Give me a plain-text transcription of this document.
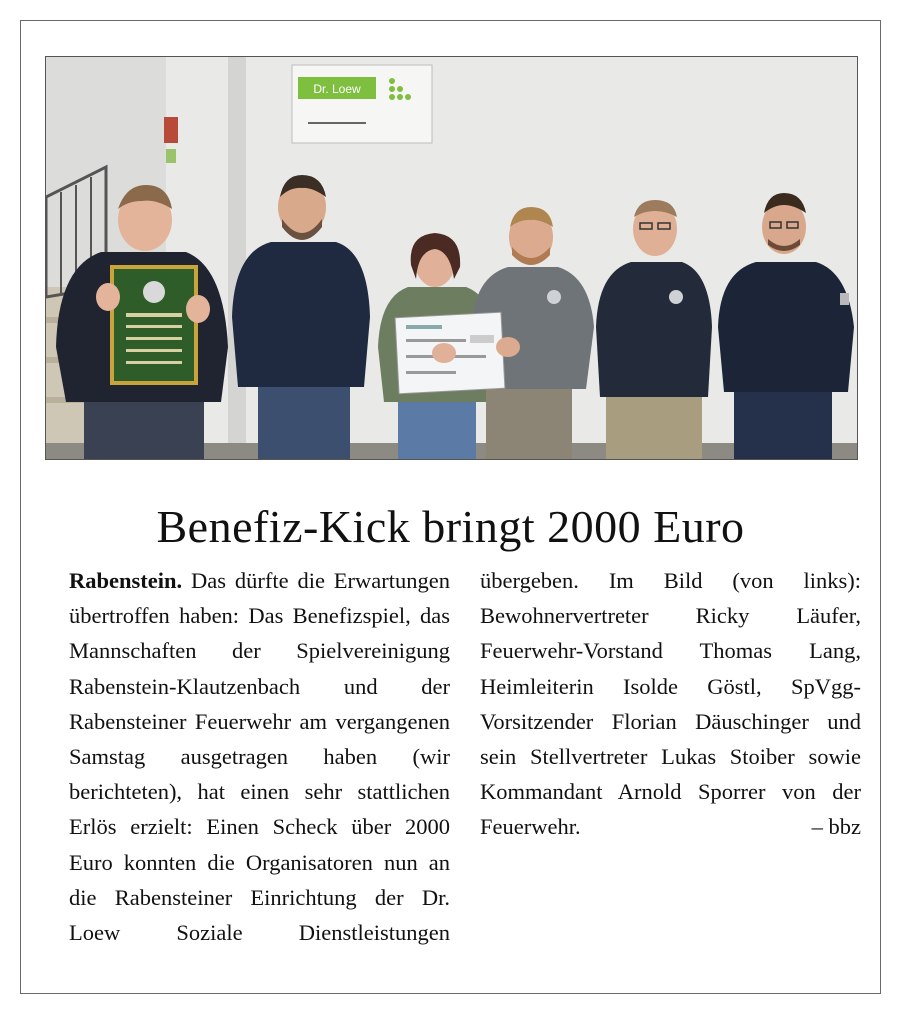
Dr. Loew
Benefiz-Kick bringt 2000 Euro

Rabenstein. Das dürfte die Erwartungen übertroffen haben: Das Benefizspiel, das Mannschaften der Spielvereinigung Rabenstein-Klautzenbach und der Rabensteiner Feuerwehr am vergangenen Samstag ausgetragen haben (wir berichteten), hat einen sehr stattlichen Erlös erzielt: Einen Scheck über 2000 Euro konnten die Organisatoren nun an die Rabensteiner Einrichtung der Dr. Loew Soziale Dienstleistungen übergeben. Im Bild (von links): Bewohnervertreter Ricky Läufer, Feuerwehr-Vorstand Thomas Lang, Heimleiterin Isolde Göstl, SpVgg-Vorsitzender Florian Däuschinger und sein Stellvertreter Lukas Stoiber sowie Kommandant Arnold Sporrer von der Feuerwehr.	– bbz
